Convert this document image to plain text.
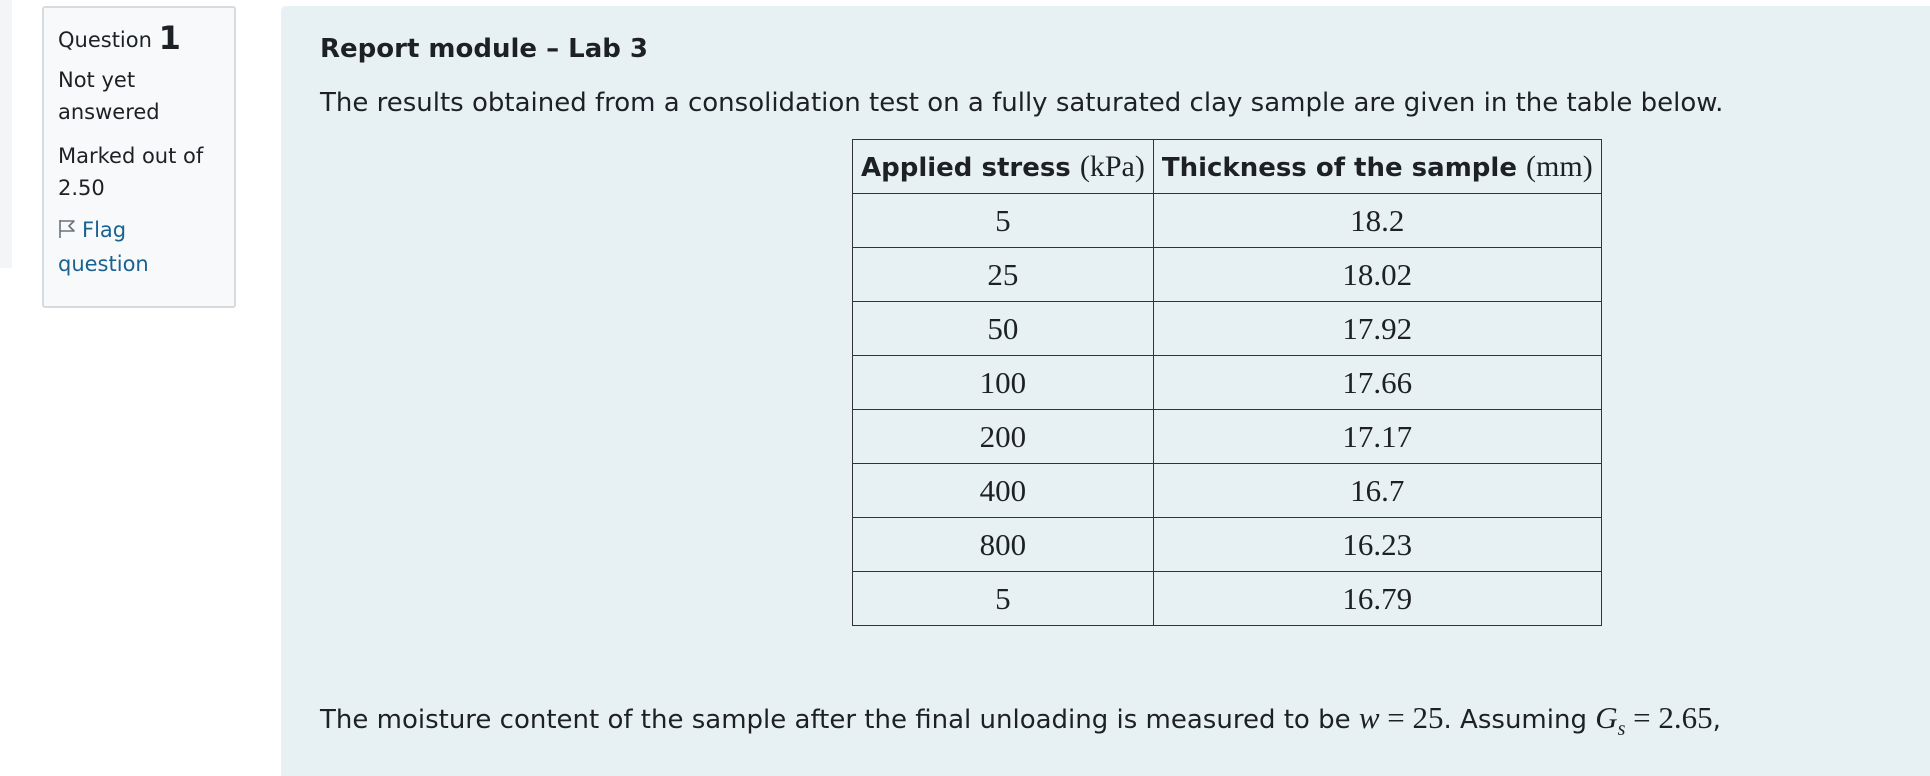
Question 1
Not yet
answered
Marked out of
2.50
Flag
question

Report module – Lab 3

The results obtained from a consolidation test on a fully saturated clay sample are given in the table below.

Applied stress (kPa)	Thickness of the sample (mm)
5	18.2
25	18.02
50	17.92
100	17.66
200	17.17
400	16.7
800	16.23
5	16.79

The moisture content of the sample after the final unloading is measured to be w = 25. Assuming $G_s = 2.65$,
